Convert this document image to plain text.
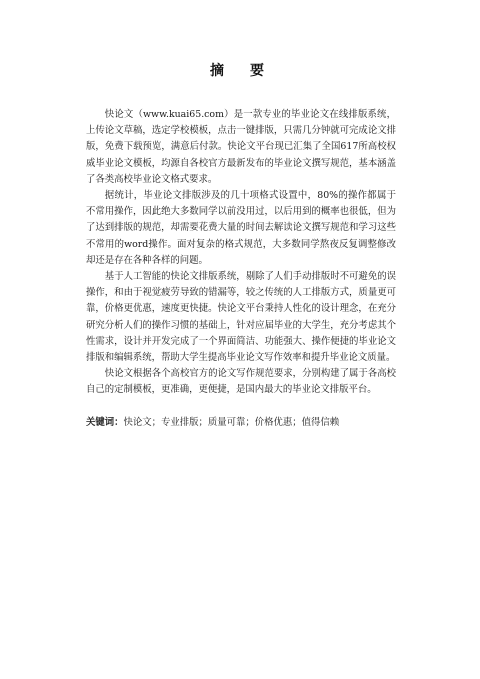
摘　要

快论文（www.kuai65.com）是一款专业的毕业论文在线排版系统，上传论文草稿，选定学校模板，点击一键排版，只需几分钟就可完成论文排版，免费下载预览，满意后付款。快论文平台现已汇集了全国617所高校权威毕业论文模板，均源自各校官方最新发布的毕业论文撰写规范，基本涵盖了各类高校毕业论文格式要求。

据统计，毕业论文排版涉及的几十项格式设置中，80%的操作都属于不常用操作，因此绝大多数同学以前没用过，以后用到的概率也很低，但为了达到排版的规范，却需要花费大量的时间去解读论文撰写规范和学习这些不常用的word操作。面对复杂的格式规范，大多数同学熬夜反复调整修改却还是存在各种各样的问题。

基于人工智能的快论文排版系统，剔除了人们手动排版时不可避免的误操作，和由于视觉疲劳导致的错漏等，较之传统的人工排版方式，质量更可靠，价格更优惠，速度更快捷。快论文平台秉持人性化的设计理念，在充分研究分析人们的操作习惯的基础上，针对应届毕业的大学生，充分考虑其个性需求，设计并开发完成了一个界面简洁、功能强大、操作便捷的毕业论文排版和编辑系统，帮助大学生提高毕业论文写作效率和提升毕业论文质量。

快论文根据各个高校官方的论文写作规范要求，分别构建了属于各高校自己的定制模板，更准确，更便捷，是国内最大的毕业论文排版平台。

关键词：快论文；专业排版；质量可靠；价格优惠；值得信赖
